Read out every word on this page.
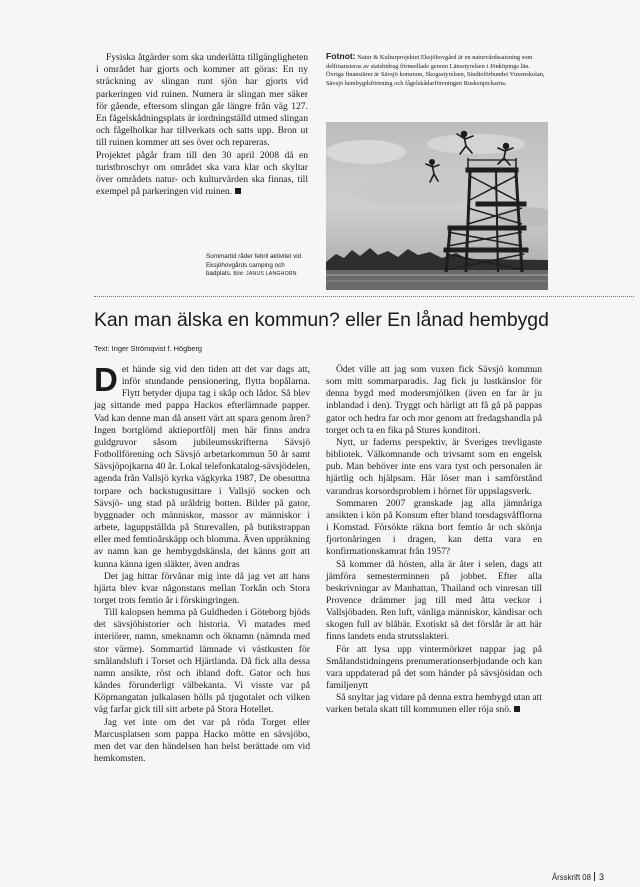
Fysiska åtgärder som ska underlätta tillgängligheten i området har gjorts och kommer att göras: En ny sträckning av slingan runt sjön har gjorts vid parkeringen vid ruinen. Numera är slingan mer säker för gående, eftersom slingan går längre från väg 127. En fågelskådningsplats är iordningställd utmed slingan och fågelholkar har tillverkats och satts upp. Bron ut till ruinen kommer att ses över och repareras.

Projektet pågår fram till den 30 april 2008 då en turistbroschyr om området ska vara klar och skyltar över områdets natur- och kulturvärden ska finnas, till exempel på parkeringen vid ruinen.

Sommartid råder febril aktivitet vid Eksjöhovgårds camping och badplats. Bild: JANUS LANGHORN
Fotnot: Natur & Kulturprojektet Eksjöhovgård är en naturvårdssatsning som delfinansieras av statsbidrag förmedlade genom Länsstyrelsen i Jönköpings län. Övriga finansiärer är Sävsjö kommun, Skogsstyrelsen, Studieförbundet Vuxenskolan, Sävsjö hembygdsförening och fågelskådarföreningen Ruskenpickarna.
Kan man älska en kommun? eller En lånad hembygd
Text: Inger Strömqvist f. Högberg

Det hände sig vid den tiden att det var dags att, inför stundande pensionering, flytta bopålarna. Flytt betyder djupa tag i skåp och lådor. Så blev jag sittande med pappa Hackos efterlämnade papper. Vad kan denne man då ansett värt att spara genom åren? Ingen bortglömd aktieportfölj men här finns andra guldgruvor såsom jubileumsskrifterna Sävsjö Fotbollförening och Sävsjö arbetarkommun 50 år samt Sävsjöpojkarna 40 år. Lokal telefonkatalog-sävsjödelen, agenda från Vallsjö kyrka vägkyrka 1987, De obesuttna torpare och backstugusittare i Vallsjö socken och Sävsjö- ung stad på uråldrig botten. Bilder på gator, byggnader och människor, massor av människor i arbete, laguppställda på Sturevallen, på butikstrappan eller med femtioårskäpp och blomma. Även uppräkning av namn kan ge hembygdskänsla, det känns gott att kunna känna igen släkter, även andras

Det jag hittar förvånar mig inte då jag vet att hans hjärta blev kvar någonstans mellan Torkån och Stora torget trots femtio år i förskingringen.

Till kalopsen hemma på Guldheden i Göteborg bjöds det sävsjöhistorier och historia. Vi matades med interiörer, namn, smeknamn och öknamn (nämnda med stor värme). Sommartid lämnade vi västkusten för smålandsluft i Torset och Hjärtlanda. Då fick alla dessa namn ansikte, röst och ibland doft. Gator och hus kändes förunderligt välbekanta. Vi visste var på Köpmangatan julkalasen hölls på tjugotalet och vilken väg farfar gick till sitt arbete på Stora Hotellet.

Jag vet inte om det var på röda Torget eller Marcusplatsen som pappa Hacko mötte en sävsjöbo, men det var den händelsen han helst berättade om vid hemkomsten.

Ödet ville att jag som vuxen fick Sävsjö kommun som mitt sommarparadis. Jag fick ju lustkänslor för denna bygd med modersmjölken (även en far är ju inblandad i den). Tryggt och härligt att få gå på pappas gator och hedra far och mor genom att fredagshandla på torget och ta en fika på Stures konditori.

Nytt, ur faderns perspektiv, är Sveriges trevligaste bibliotek. Välkomnande och trivsamt som en engelsk pub. Man behöver inte ens vara tyst och personalen är hjärtlig och hjälpsam. Här löser man i samförstånd varandras korsordsproblem i hörnet för uppslagsverk.

Sommaren 2007 granskade jag alla jämnåriga ansikten i kön på Konsum efter bland torsdagsvåfflorna i Komstad. Försökte räkna bort femtio år och skönja fjortonåringen i dragen, kan detta vara en konfirmationskamrat från 1957?

Så kommer då hösten, alla är åter i selen, dags att jämföra semesterminnen på jobbet. Efter alla beskrivningar av Manhattan, Thailand och vinresan till Provence drämmer jag till med åtta veckor i Vallsjöbaden. Ren luft, vänliga människor, kändisar och skogen full av blåbär. Exotiskt så det förslår är att här finns landets enda strutsslakteri.

För att lysa upp vintermörkret nappar jag på Smålandstidningens prenumerationserbjudande och kan vara uppdaterad på det som händer på sävsjösidan och familjenytt

Så snyltar jag vidare på denna extra hembygd utan att varken betala skatt till kommunen eller röja snö.

Årsskrift 08 3
